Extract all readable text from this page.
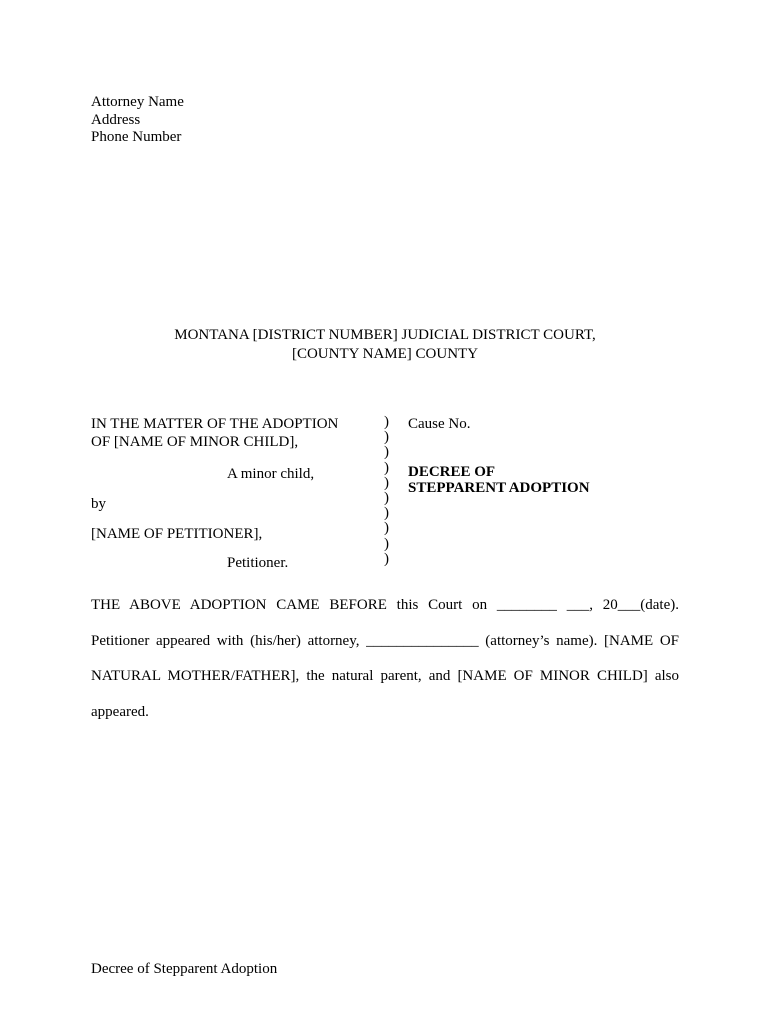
Attorney Name
Address
Phone Number
MONTANA [DISTRICT NUMBER] JUDICIAL DISTRICT COURT,
[COUNTY NAME] COUNTY
IN THE MATTER OF THE ADOPTION
OF [NAME OF MINOR CHILD],
A minor child,
by
[NAME OF PETITIONER],
Petitioner.
)
)
)
)
)
)
)
)
)
)
Cause No.
DECREE OF
STEPPARENT ADOPTION
THE ABOVE ADOPTION CAME BEFORE this Court on ________ ___, 20___(date). Petitioner appeared with (his/her) attorney, _______________ (attorney’s name). [NAME OF NATURAL MOTHER/FATHER], the natural parent, and [NAME OF MINOR CHILD] also appeared.
Decree of Stepparent Adoption
